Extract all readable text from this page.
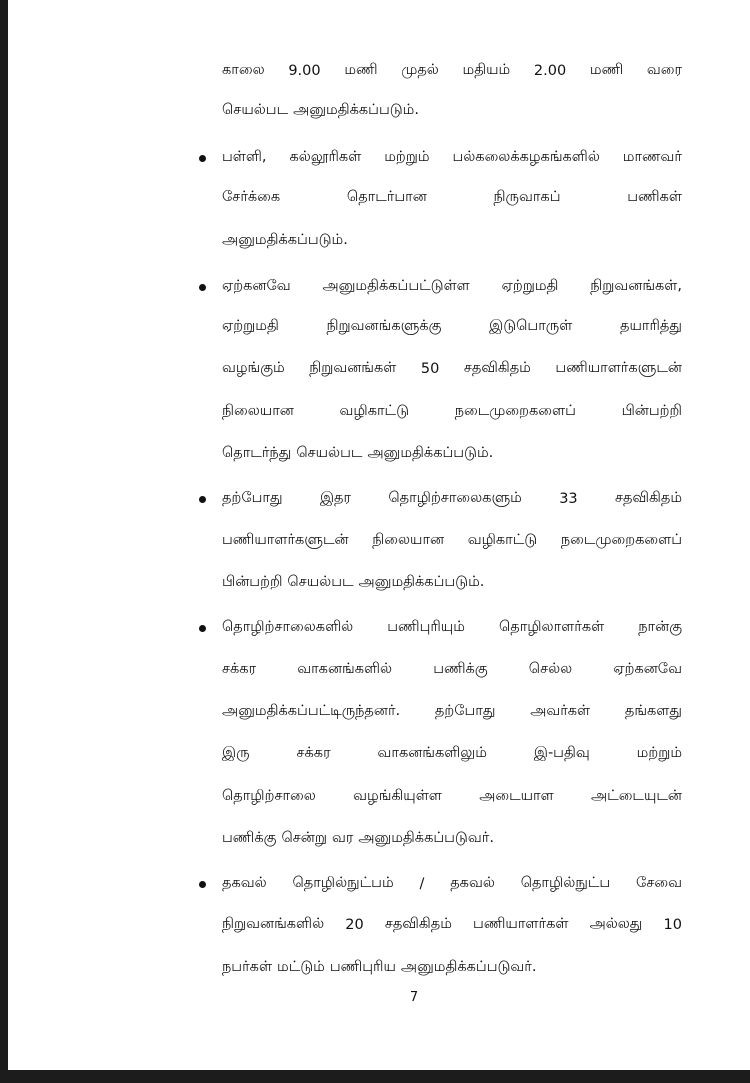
7
காலை 9.00 மணி முதல் மதியம் 2.00 மணி வரை
செயல்பட அனுமதிக்கப்படும்.
பள்ளி, கல்லூரிகள் மற்றும் பல்கலைக்கழகங்களில் மாணவர்
சேர்க்கை	தொடர்பான	நிருவாகப்	பணிகள்
அனுமதிக்கப்படும்.
ஏற்கனவே அனுமதிக்கப்பட்டுள்ள ஏற்றுமதி நிறுவனங்கள்,
ஏற்றுமதி	நிறுவனங்களுக்கு	இடுபொருள்	தயாரித்து
வழங்கும் நிறுவனங்கள் 50 சதவிகிதம் பணியாளர்களுடன்
நிலையான	வழிகாட்டு	நடைமுறைகளைப்	பின்பற்றி
தொடர்ந்து செயல்பட அனுமதிக்கப்படும்.
தற்போது	இதர	தொழிற்சாலைகளும்	33	சதவிகிதம்
பணியாளர்களுடன் நிலையான வழிகாட்டு நடைமுறைகளைப்
பின்பற்றி செயல்பட அனுமதிக்கப்படும்.
தொழிற்சாலைகளில் பணிபுரியும் தொழிலாளர்கள் நான்கு
சக்கர	வாகனங்களில்	பணிக்கு	செல்ல	ஏற்கனவே
அனுமதிக்கப்பட்டிருந்தனர். தற்போது அவர்கள் தங்களது
இரு	சக்கர	வாகனங்களிலும்	இ-பதிவு	மற்றும்
தொழிற்சாலை	வழங்கியுள்ள	அடையாள	அட்டையுடன்
பணிக்கு சென்று வர அனுமதிக்கப்படுவர்.
தகவல் தொழில்நுட்பம் / தகவல் தொழில்நுட்ப சேவை
நிறுவனங்களில் 20 சதவிகிதம் பணியாளர்கள் அல்லது 10
நபர்கள் மட்டும் பணிபுரிய அனுமதிக்கப்படுவர்.
